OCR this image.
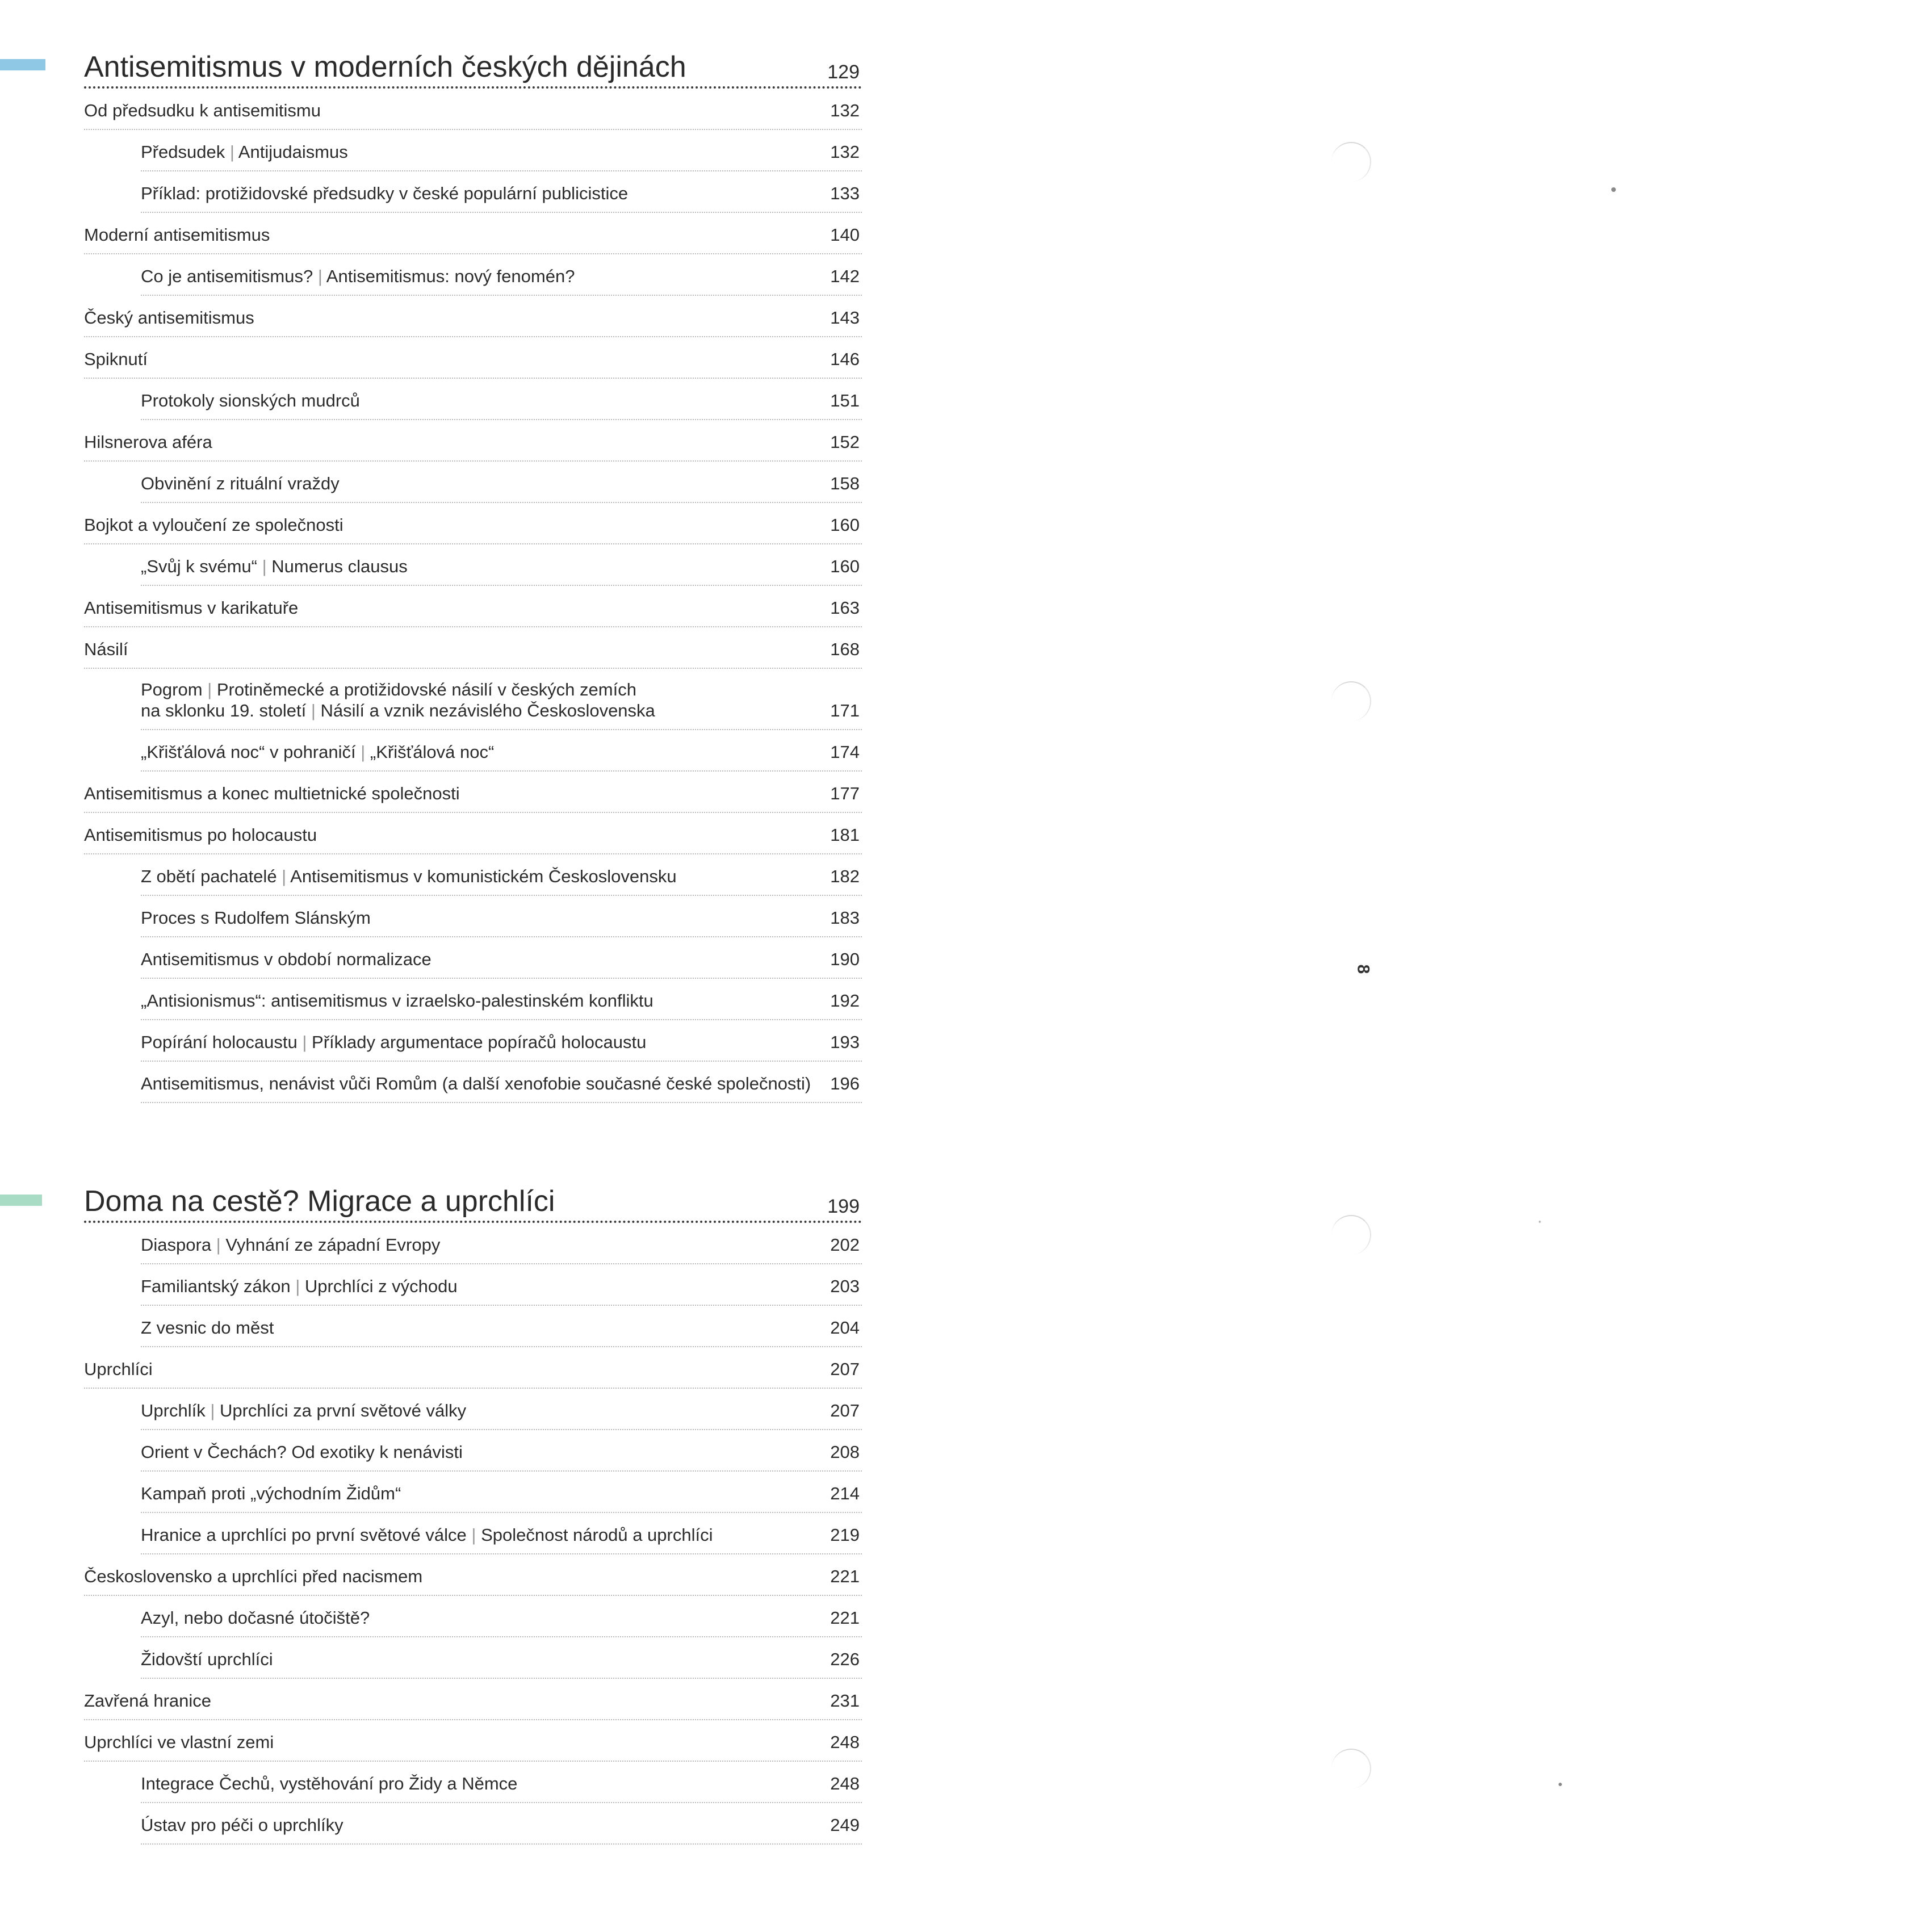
Antisemitismus v moderních českých dějinách	129
Od předsudku k antisemitismu	132
Předsudek | Antijudaismus	132
Příklad: protižidovské předsudky v české populární publicistice	133
Moderní antisemitismus	140
Co je antisemitismus? | Antisemitismus: nový fenomén?	142
Český antisemitismus	143
Spiknutí	146
Protokoly sionských mudrců	151
Hilsnerova aféra	152
Obvinění z rituální vraždy	158
Bojkot a vyloučení ze společnosti	160
„Svůj k svému“ | Numerus clausus	160
Antisemitismus v karikatuře	163
Násilí	168
Pogrom | Protiněmecké a protižidovské násilí v českých zemích
na sklonku 19. století | Násilí a vznik nezávislého Československa	171
„Křišťálová noc“ v pohraničí | „Křišťálová noc“	174
Antisemitismus a konec multietnické společnosti	177
Antisemitismus po holocaustu	181
Z obětí pachatelé | Antisemitismus v komunistickém Československu	182
Proces s Rudolfem Slánským	183
Antisemitismus v období normalizace	190
„Antisionismus“: antisemitismus v izraelsko-palestinském konfliktu	192
Popírání holocaustu | Příklady argumentace popíračů holocaustu	193
Antisemitismus, nenávist vůči Romům (a další xenofobie současné české společnosti) 196
Doma na cestě? Migrace a uprchlíci	199
Diaspora | Vyhnání ze západní Evropy	202
Familiantský zákon | Uprchlíci z východu	203
Z vesnic do měst	204
Uprchlíci	207
Uprchlík | Uprchlíci za první světové války	207
Orient v Čechách? Od exotiky k nenávisti	208
Kampaň proti „východním Židům“	214
Hranice a uprchlíci po první světové válce | Společnost národů a uprchlíci	219
Československo a uprchlíci před nacismem	221
Azyl, nebo dočasné útočiště?	221
Židovští uprchlíci	226
Zavřená hranice	231
Uprchlíci ve vlastní zemi	248
Integrace Čechů, vystěhování pro Židy a Němce	248
Ústav pro péči o uprchlíky	249
8
